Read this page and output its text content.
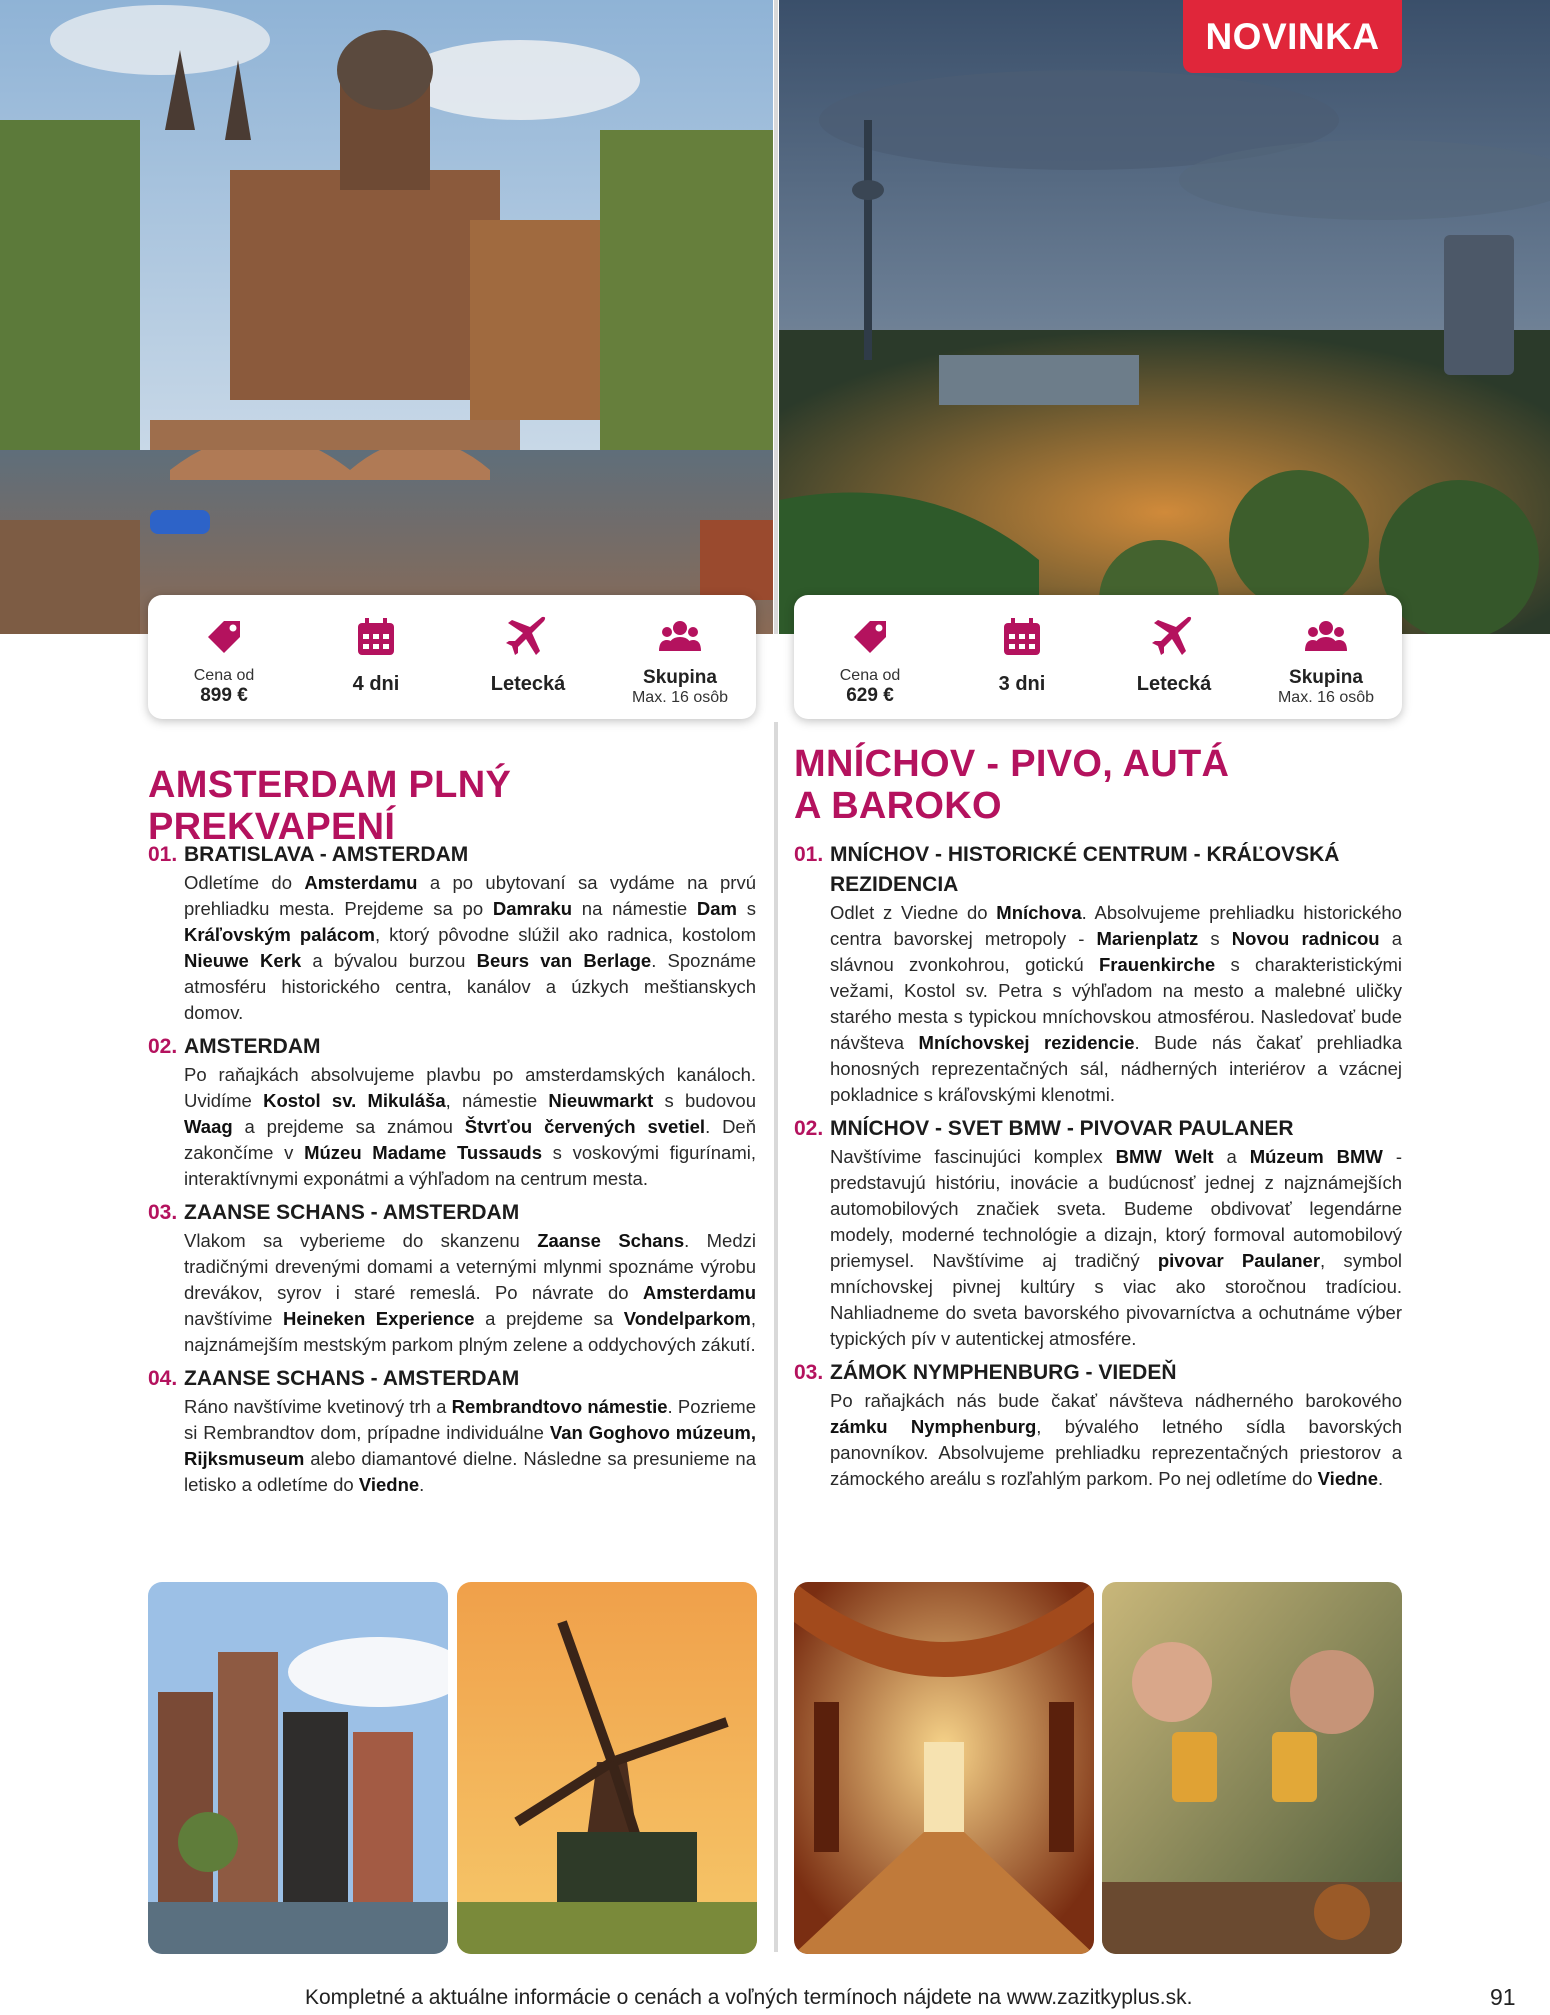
NOVINKA
Cena od
899 €
4 dni	Letecká	Skupina
Max. 16 osôb
Cena od
629 €
3 dni	Letecká	Skupina
Max. 16 osôb
AMSTERDAM PLNÝ PREKVAPENÍ
MNÍCHOV - PIVO, AUTÁ
A BAROKO
01. BRATISLAVA - AMSTERDAM

Odletíme do Amsterdamu a po ubytovaní sa vydáme na prvú prehliadku mesta. Prejdeme sa po Damraku na námestie Dam s Kráľovským palácom, ktorý pôvodne slúžil ako radnica, kostolom Nieuwe Kerk a bývalou burzou Beurs van Berlage. Spoznáme atmosféru historického centra, kanálov a úzkych meštianskych domov.

02. AMSTERDAM

Po raňajkách absolvujeme plavbu po amsterdamských kanáloch. Uvidíme Kostol sv. Mikuláša, námestie Nieuwmarkt s budovou Waag a prejdeme sa známou Štvrťou červených svetiel. Deň zakončíme v Múzeu Madame Tussauds s voskovými figurínami, interaktívnymi exponátmi a výhľadom na centrum mesta.

03. ZAANSE SCHANS - AMSTERDAM

Vlakom sa vyberieme do skanzenu Zaanse Schans. Medzi tradičnými drevenými domami a veternými mlynmi spoznáme výrobu drevákov, syrov i staré remeslá. Po návrate do Amsterdamu navštívime Heineken Experience a prejdeme sa Vondelparkom, najznámejším mestským parkom plným zelene a oddychových zákutí.

04. ZAANSE SCHANS - AMSTERDAM

Ráno navštívime kvetinový trh a Rembrandtovo námestie. Pozrieme si Rembrandtov dom, prípadne individuálne Van Goghovo múzeum, Rijksmuseum alebo diamantové dielne. Následne sa presunieme na letisko a odletíme do Viedne.

01. MNÍCHOV - HISTORICKÉ CENTRUM - KRÁĽOVSKÁ REZIDENCIA

Odlet z Viedne do Mníchova. Absolvujeme prehliadku historického centra bavorskej metropoly - Marienplatz s Novou radnicou a slávnou zvonkohrou, gotickú Frauenkirche s charakteristickými vežami, Kostol sv. Petra s výhľadom na mesto a malebné uličky starého mesta s typickou mníchovskou atmosférou. Nasledovať bude návšteva Mníchovskej rezidencie. Bude nás čakať prehliadka honosných reprezentačných sál, nádherných interiérov a vzácnej pokladnice s kráľovskými klenotmi.

02. MNÍCHOV - SVET BMW - PIVOVAR PAULANER

Navštívime fascinujúci komplex BMW Welt a Múzeum BMW - predstavujú históriu, inovácie a budúcnosť jednej z najznámejších automobilových značiek sveta. Budeme obdivovať legendárne modely, moderné technológie a dizajn, ktorý formoval automobilový priemysel. Navštívime aj tradičný pivovar Paulaner, symbol mníchovskej pivnej kultúry s viac ako storočnou tradíciou. Nahliadneme do sveta bavorského pivovarníctva a ochutnáme výber typických pív v autentickej atmosfére.

03. ZÁMOK NYMPHENBURG - VIEDEŇ

Po raňajkách nás bude čakať návšteva nádherného barokového zámku Nymphenburg, bývalého letného sídla bavorských panovníkov. Absolvujeme prehliadku reprezentačných priestorov a zámockého areálu s rozľahlým parkom. Po nej odletíme do Viedne.

Kompletné a aktuálne informácie o cenách a voľných termínoch nájdete na www.zazitkyplus.sk.	91
